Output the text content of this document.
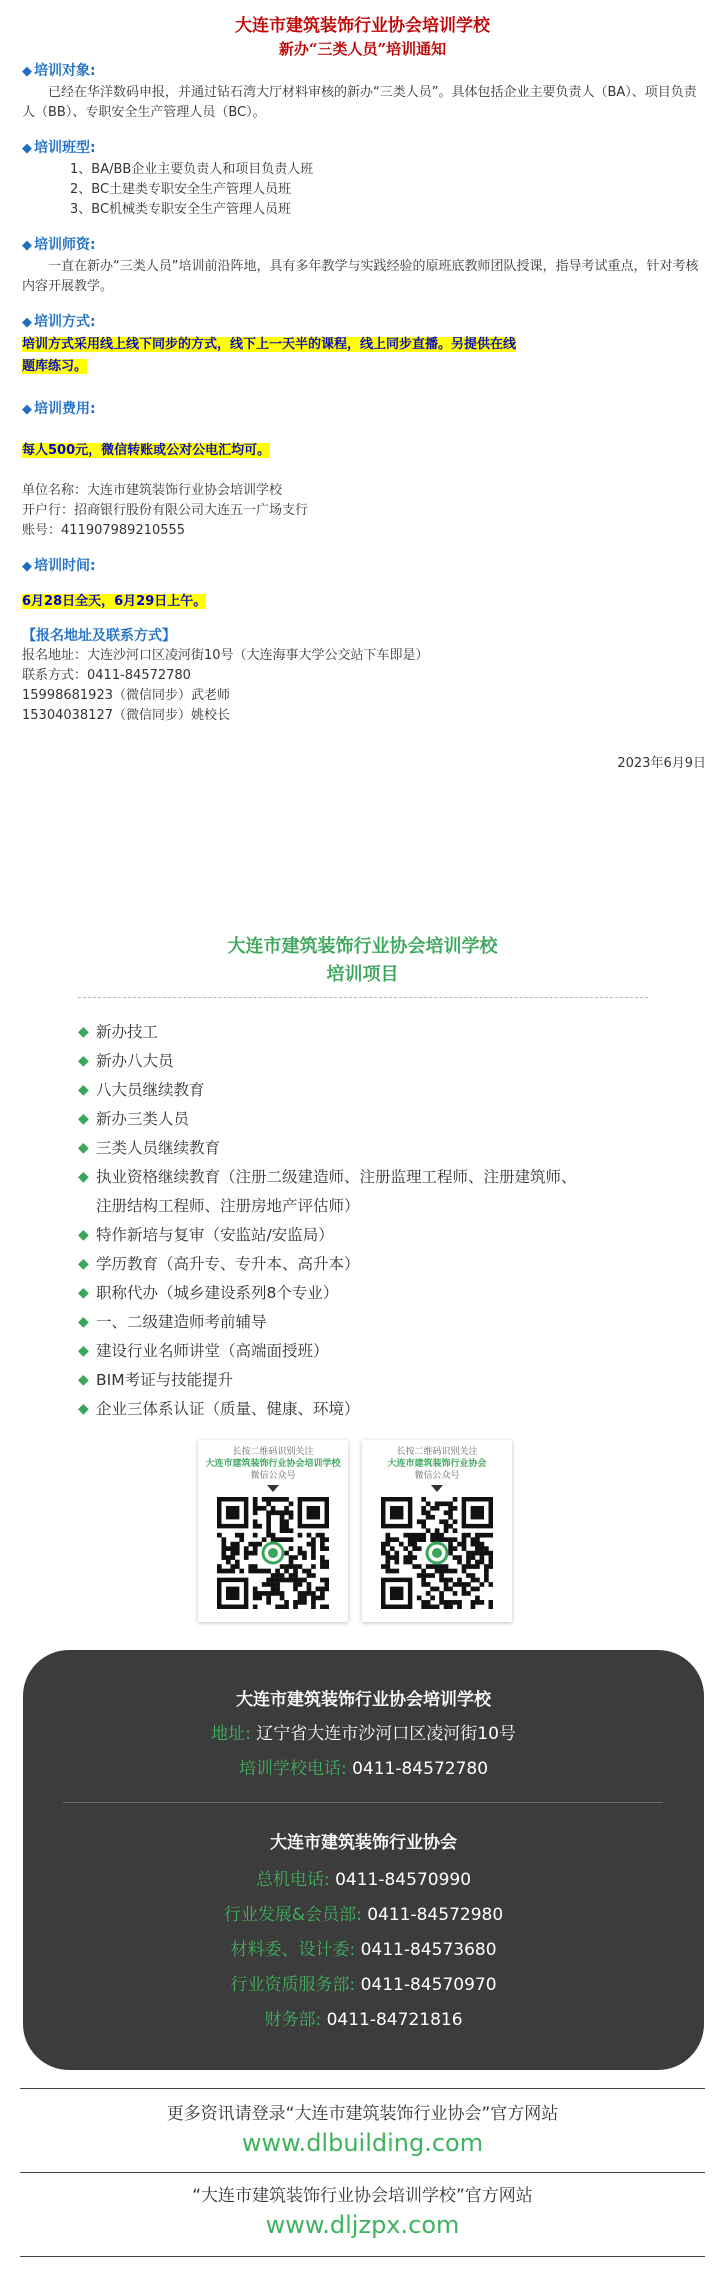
大连市建筑装饰行业协会培训学校
新办“三类人员”培训通知
◆ 培训对象:
已经在华洋数码申报，并通过钻石湾大厅材料审核的新办“三类人员”。具体包括企业主要负责人（BA）、项目负责人（BB）、专职安全生产管理人员（BC）。
◆ 培训班型:
1、BA/BB企业主要负责人和项目负责人班
2、BC土建类专职安全生产管理人员班
3、BC机械类专职安全生产管理人员班
◆ 培训师资:
一直在新办“三类人员”培训前沿阵地，具有多年教学与实践经验的原班底教师团队授课，指导考试重点，针对考核内容开展教学。
◆ 培训方式:
培训方式采用线上线下同步的方式，线下上一天半的课程，线上同步直播。另提供在线
题库练习。
◆ 培训费用:
每人500元，微信转账或公对公电汇均可。
单位名称：大连市建筑装饰行业协会培训学校
开户行：招商银行股份有限公司大连五一广场支行
账号：411907989210555
◆ 培训时间:
6月28日全天，6月29日上午。
【报名地址及联系方式】
报名地址：大连沙河口区凌河街10号（大连海事大学公交站下车即是）
联系方式：0411-84572780
15998681923（微信同步）武老师
15304038127（微信同步）姚校长
2023年6月9日
大连市建筑装饰行业协会培训学校
培训项目
◆ 新办技工
◆ 新办八大员
◆ 八大员继续教育
◆ 新办三类人员
◆ 三类人员继续教育
◆ 执业资格继续教育（注册二级建造师、注册监理工程师、注册建筑师、
注册结构工程师、注册房地产评估师）
◆ 特作新培与复审（安监站/安监局）
◆ 学历教育（高升专、专升本、高升本）
◆ 职称代办（城乡建设系列8个专业）
◆ 一、二级建造师考前辅导
◆ 建设行业名师讲堂（高端面授班）
◆ BIM考证与技能提升
◆ 企业三体系认证（质量、健康、环境）
长按二维码识别关注
大连市建筑装饰行业协会培训学校
微信公众号
长按二维码识别关注
大连市建筑装饰行业协会
微信公众号
大连市建筑装饰行业协会培训学校
地址: 辽宁省大连市沙河口区凌河街10号
培训学校电话: 0411-84572780
大连市建筑装饰行业协会
总机电话: 0411-84570990
行业发展&会员部: 0411-84572980
材料委、设计委: 0411-84573680
行业资质服务部: 0411-84570970
财务部: 0411-84721816
更多资讯请登录“大连市建筑装饰行业协会”官方网站
www.dlbuilding.com
“大连市建筑装饰行业协会培训学校”官方网站
www.dljzpx.com
